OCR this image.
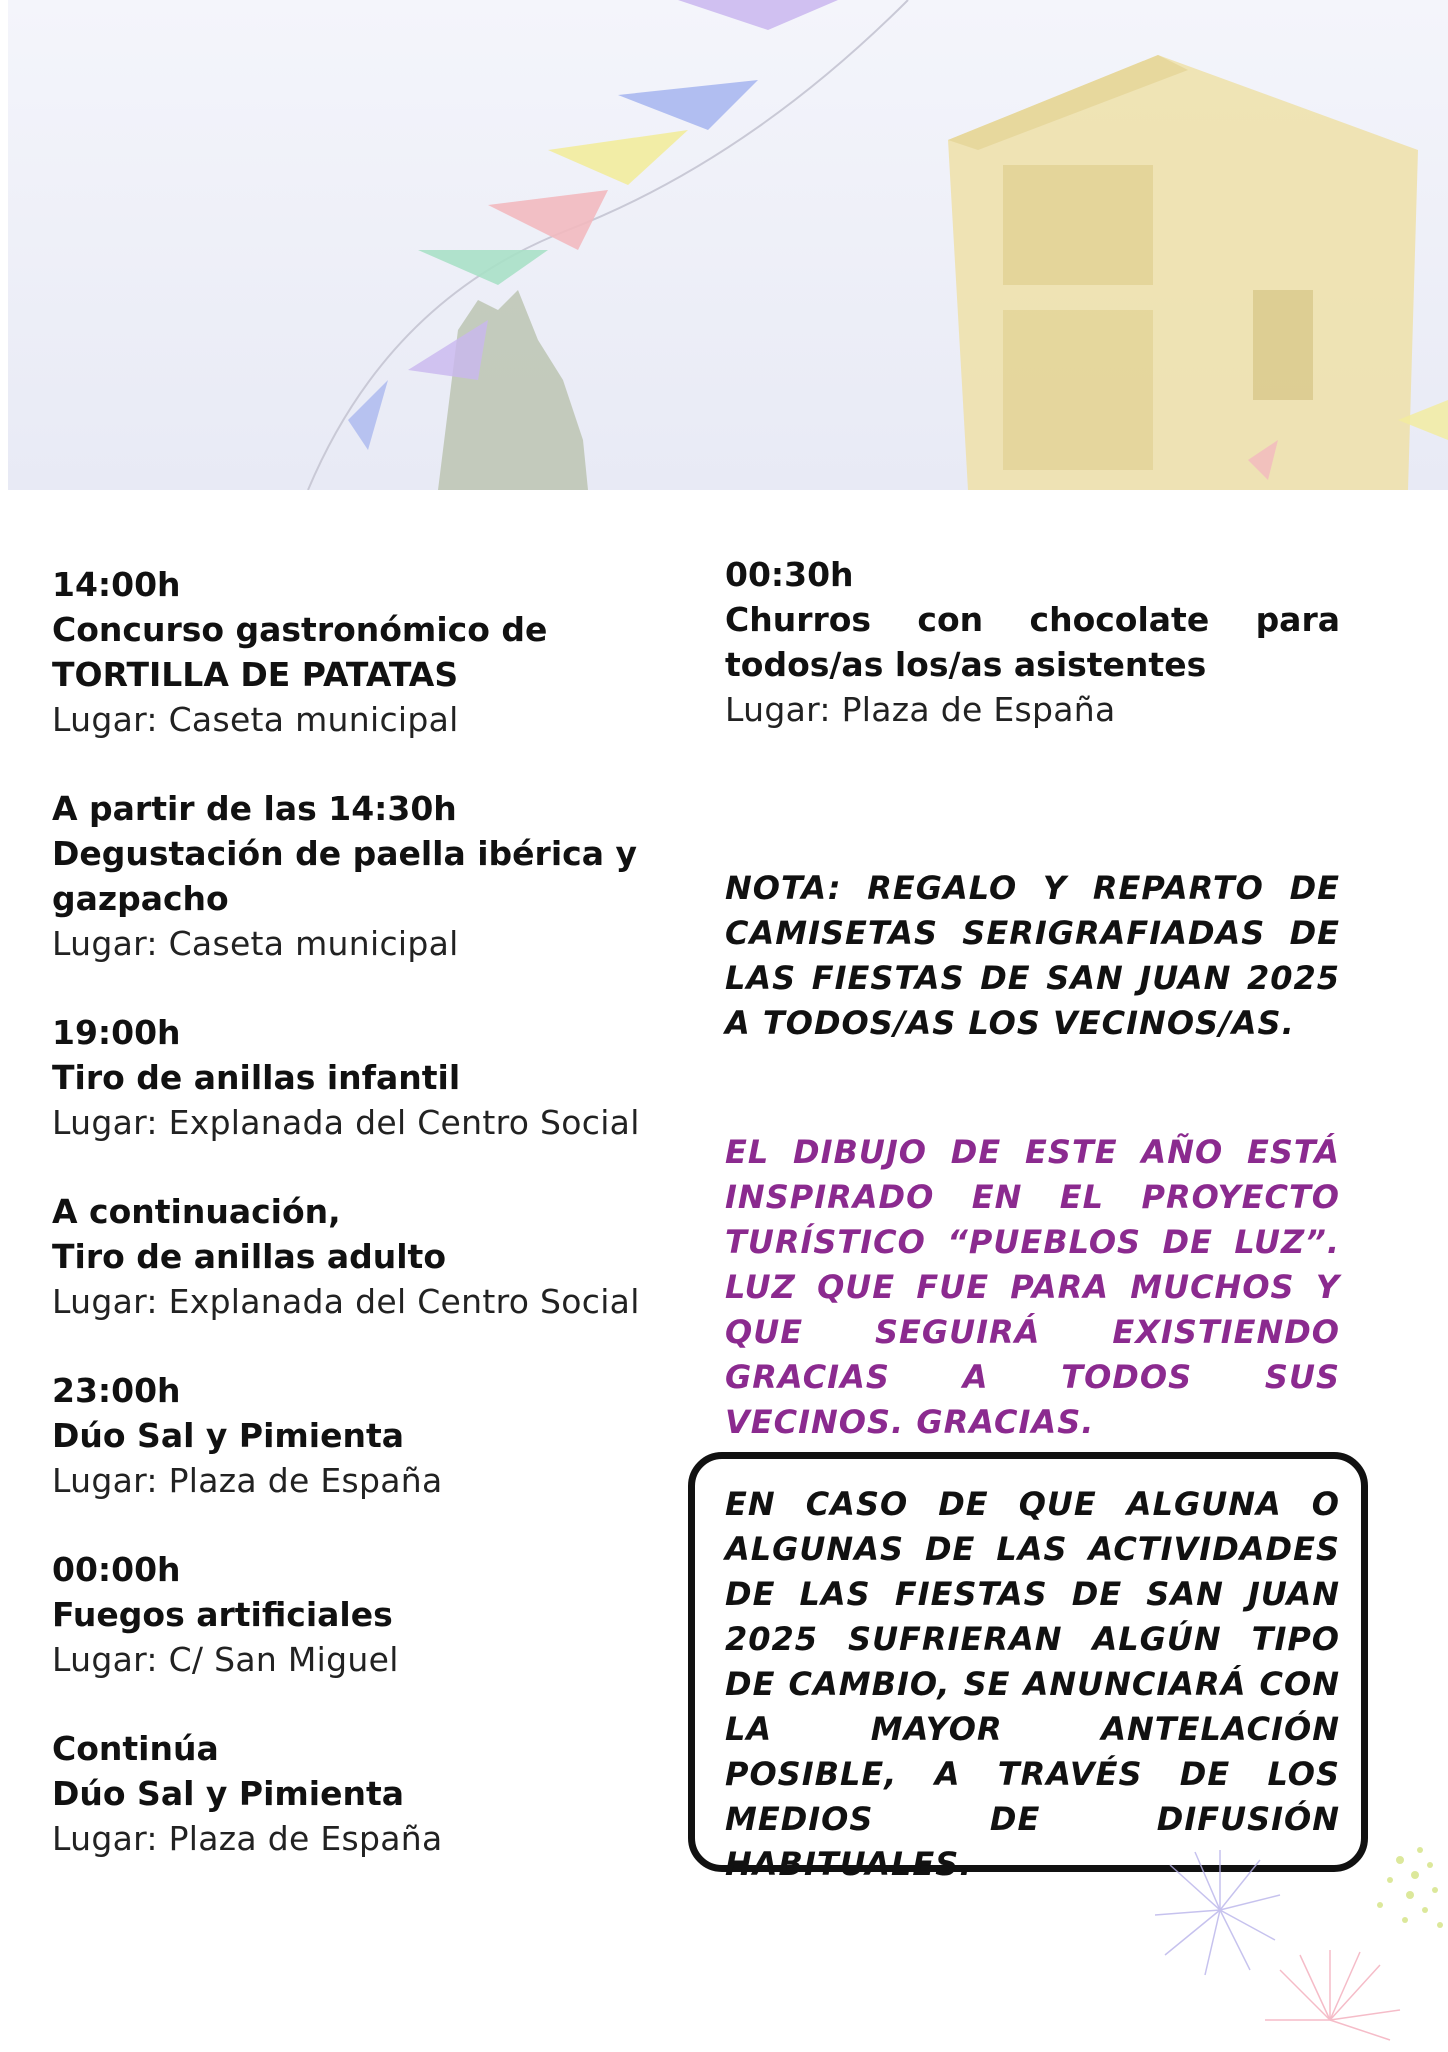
14:00h
Concurso gastronómico de
TORTILLA DE PATATAS
Lugar: Caseta municipal
A partir de las 14:30h
Degustación de paella ibérica y
gazpacho
Lugar: Caseta municipal
19:00h
Tiro de anillas infantil
Lugar: Explanada del Centro Social
A continuación,
Tiro de anillas adulto
Lugar: Explanada del Centro Social
23:00h
Dúo Sal y Pimienta
Lugar: Plaza de España
00:00h
Fuegos artificiales
Lugar: C/ San Miguel
Continúa
Dúo Sal y Pimienta
Lugar: Plaza de España
00:30h
Churros con chocolate para todos/as los/as asistentes
Lugar: Plaza de España
NOTA: REGALO Y REPARTO DE CAMISETAS SERIGRAFIADAS DE LAS FIESTAS DE SAN JUAN 2025 A TODOS/AS LOS VECINOS/AS.
EL DIBUJO DE ESTE AÑO ESTÁ INSPIRADO EN EL PROYECTO TURÍSTICO “PUEBLOS DE LUZ”. LUZ QUE FUE PARA MUCHOS Y QUE SEGUIRÁ EXISTIENDO GRACIAS A TODOS SUS VECINOS. GRACIAS.
EN CASO DE QUE ALGUNA O ALGUNAS DE LAS ACTIVIDADES DE LAS FIESTAS DE SAN JUAN 2025 SUFRIERAN ALGÚN TIPO DE CAMBIO, SE ANUNCIARÁ CON LA MAYOR ANTELACIÓN POSIBLE, A TRAVÉS DE LOS MEDIOS DE DIFUSIÓN HABITUALES.
